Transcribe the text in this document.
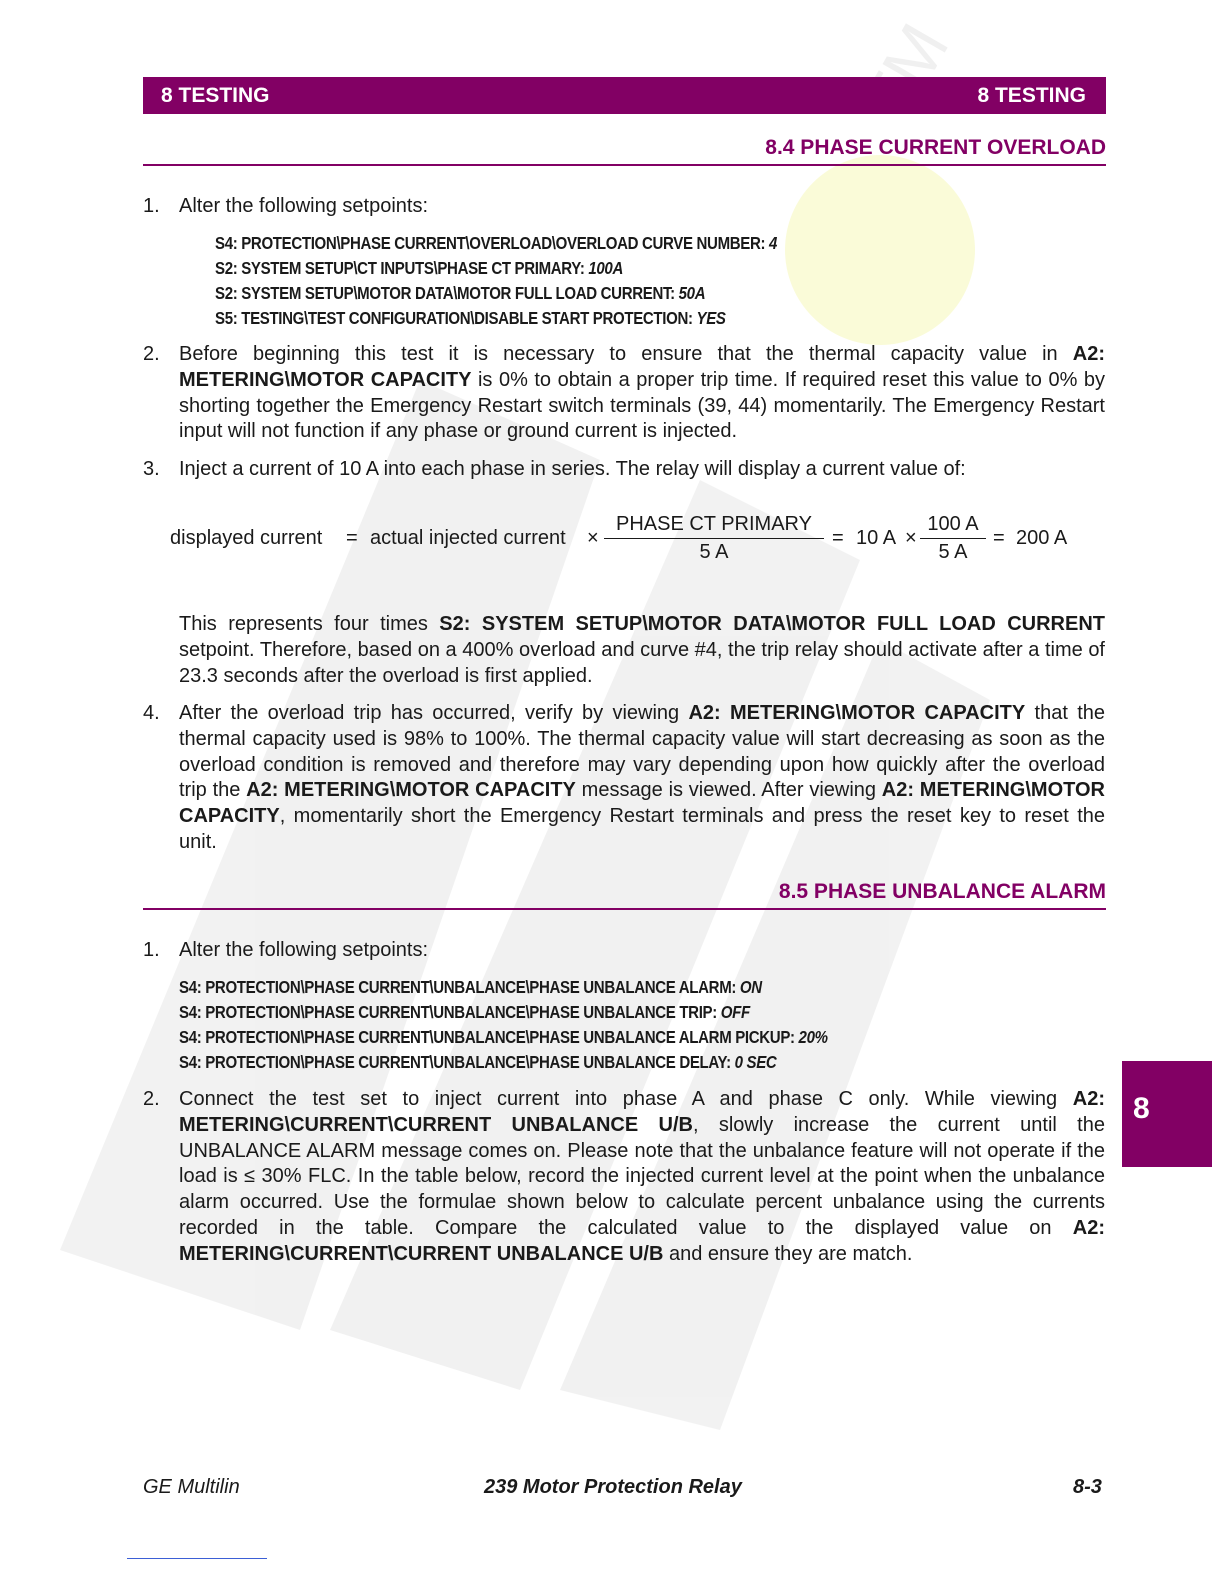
TM
8 TESTING	8 TESTING
8.4 PHASE CURRENT OVERLOAD
1. Alter the following setpoints:
S4: PROTECTION\PHASE CURRENT\OVERLOAD\OVERLOAD CURVE NUMBER: 4
S2: SYSTEM SETUP\CT INPUTS\PHASE CT PRIMARY: 100A
S2: SYSTEM SETUP\MOTOR DATA\MOTOR FULL LOAD CURRENT: 50A
S5: TESTING\TEST CONFIGURATION\DISABLE START PROTECTION: YES
2. Before beginning this test it is necessary to ensure that the thermal capacity value in A2: METERING\MOTOR CAPACITY is 0% to obtain a proper trip time. If required reset this value to 0% by shorting together the Emergency Restart switch terminals (39, 44) momentarily. The Emergency Restart input will not function if any phase or ground current is injected.
3. Inject a current of 10 A into each phase in series. The relay will display a current value of:
displayed current = actual injected current ×
PHASE CT PRIMARY
5 A
= 10 $A \times \frac{100 A}{5 A} = 200$ A
This represents four times S2: SYSTEM SETUP\MOTOR DATA\MOTOR FULL LOAD CURRENT setpoint. Therefore, based on a 400% overload and curve #4, the trip relay should activate after a time of 23.3 seconds after the overload is first applied.
4. After the overload trip has occurred, verify by viewing A2: METERING\MOTOR CAPACITY that the thermal capacity used is 98% to 100%. The thermal capacity value will start decreasing as soon as the overload condition is removed and therefore may vary depending upon how quickly after the overload trip the A2: METERING\MOTOR CAPACITY message is viewed. After viewing A2: METERING\MOTOR CAPACITY, momentarily short the Emergency Restart terminals and press the reset key to reset the unit.
8.5 PHASE UNBALANCE ALARM
1. Alter the following setpoints:
S4: PROTECTION\PHASE CURRENT\UNBALANCE\PHASE UNBALANCE ALARM: ON
S4: PROTECTION\PHASE CURRENT\UNBALANCE\PHASE UNBALANCE TRIP: OFF
S4: PROTECTION\PHASE CURRENT\UNBALANCE\PHASE UNBALANCE ALARM PICKUP: 20%
S4: PROTECTION\PHASE CURRENT\UNBALANCE\PHASE UNBALANCE DELAY: 0 SEC
2. Connect the test set to inject current into phase A and phase C only. While viewing A2: METERING\CURRENT\CURRENT UNBALANCE U/B, slowly increase the current until the UNBALANCE ALARM message comes on. Please note that the unbalance feature will not operate if the load is ≤ 30% FLC. In the table below, record the injected current level at the point when the unbalance alarm occurred. Use the formulae shown below to calculate percent unbalance using the currents recorded in the table. Compare the calculated value to the displayed value on A2: METERING\CURRENT\CURRENT UNBALANCE U/B and ensure they are match.
8
GE Multilin	239 Motor Protection Relay	8-3
